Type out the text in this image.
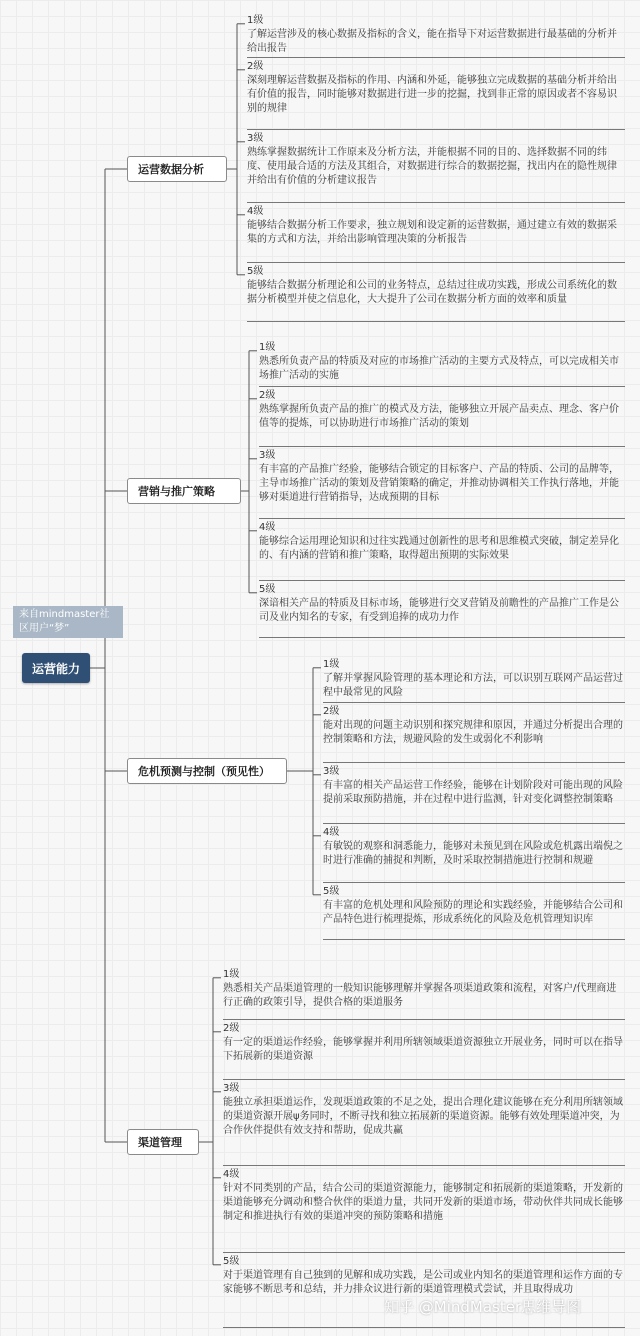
来自mindmaster社区用户“梦”
运营能力
运营数据分析
营销与推广策略
危机预测与控制（预见性）
渠道管理
1级
了解运营涉及的核心数据及指标的含义，能在指导下对运营数据进行最基础的分析并给出报告
2级
深刻理解运营数据及指标的作用、内涵和外延，能够独立完成数据的基础分析并给出有价值的报告，同时能够对数据进行进一步的挖掘，找到非正常的原因或者不容易识别的规律
3级
熟练掌握数据统计工作原来及分析方法，并能根据不同的目的、选择数据不同的纬度、使用最合适的方法及其组合，对数据进行综合的数据挖掘，找出内在的隐性规律并给出有价值的分析建议报告
4级
能够结合数据分析工作要求，独立规划和设定新的运营数据，通过建立有效的数据采集的方式和方法，并给出影响管理决策的分析报告
5级
能够结合数据分析理论和公司的业务特点，总结过往成功实践，形成公司系统化的数据分析模型并使之信息化，大大提升了公司在数据分析方面的效率和质量
1级
熟悉所负责产品的特质及对应的市场推广活动的主要方式及特点，可以完成相关市场推广活动的实施
2级
熟练掌握所负责产品的推广的模式及方法，能够独立开展产品卖点、理念、客户价值等的提炼，可以协助进行市场推广活动的策划
3级
有丰富的产品推广经验，能够结合锁定的目标客户、产品的特质、公司的品牌等，主导市场推广活动的策划及营销策略的确定，并推动协调相关工作执行落地，并能够对渠道进行营销指导，达成预期的目标
4级
能够综合运用理论知识和过往实践通过创新性的思考和思维模式突破，制定差异化的、有内涵的营销和推广策略，取得超出预期的实际效果
5级
深谙相关产品的特质及目标市场，能够进行交叉营销及前瞻性的产品推广工作是公司及业内知名的专家，有受到追捧的成功力作
1级
了解并掌握风险管理的基本理论和方法，可以识别互联网产品运营过程中最常见的风险
2级
能对出现的问题主动识别和探究规律和原因，并通过分析提出合理的控制策略和方法，规避风险的发生或弱化不利影响
3级
有丰富的相关产品运营工作经验，能够在计划阶段对可能出现的风险提前采取预防措施，并在过程中进行监测，针对变化调整控制策略
4级
有敏锐的观察和洞悉能力，能够对未预见到在风险或危机露出端倪之时进行准确的捕捉和判断，及时采取控制措施进行控制和规避
5级
有丰富的危机处理和风险预防的理论和实践经验，并能够结合公司和产品特色进行梳理提炼，形成系统化的风险及危机管理知识库
1级
熟悉相关产品渠道管理的一般知识能够理解并掌握各项渠道政策和流程，对客户/代理商进行正确的政策引导，提供合格的渠道服务
2级
有一定的渠道运作经验，能够掌握并利用所辖领域渠道资源独立开展业务，同时可以在指导下拓展新的渠道资源
3级
能独立承担渠道运作，发现渠道政策的不足之处，提出合理化建议能够在充分利用所辖领域的渠道资源开展ψ务同时，不断寻找和独立拓展新的渠道资源。能够有效处理渠道冲突，为合作伙伴提供有效支持和帮助，促成共赢
4级
针对不同类别的产品，结合公司的渠道资源能力，能够制定和拓展新的渠道策略，开发新的渠道能够充分调动和整合伙伴的渠道力量，共同开发新的渠道市场，带动伙伴共同成长能够制定和推进执行有效的渠道冲突的预防策略和措施
5级
对于渠道管理有自己独到的见解和成功实践，是公司或业内知名的渠道管理和运作方面的专家能够不断思考和总结，并力排众议进行新的渠道管理模式尝试，并且取得成功
知乎 @MindMaster思维导图
